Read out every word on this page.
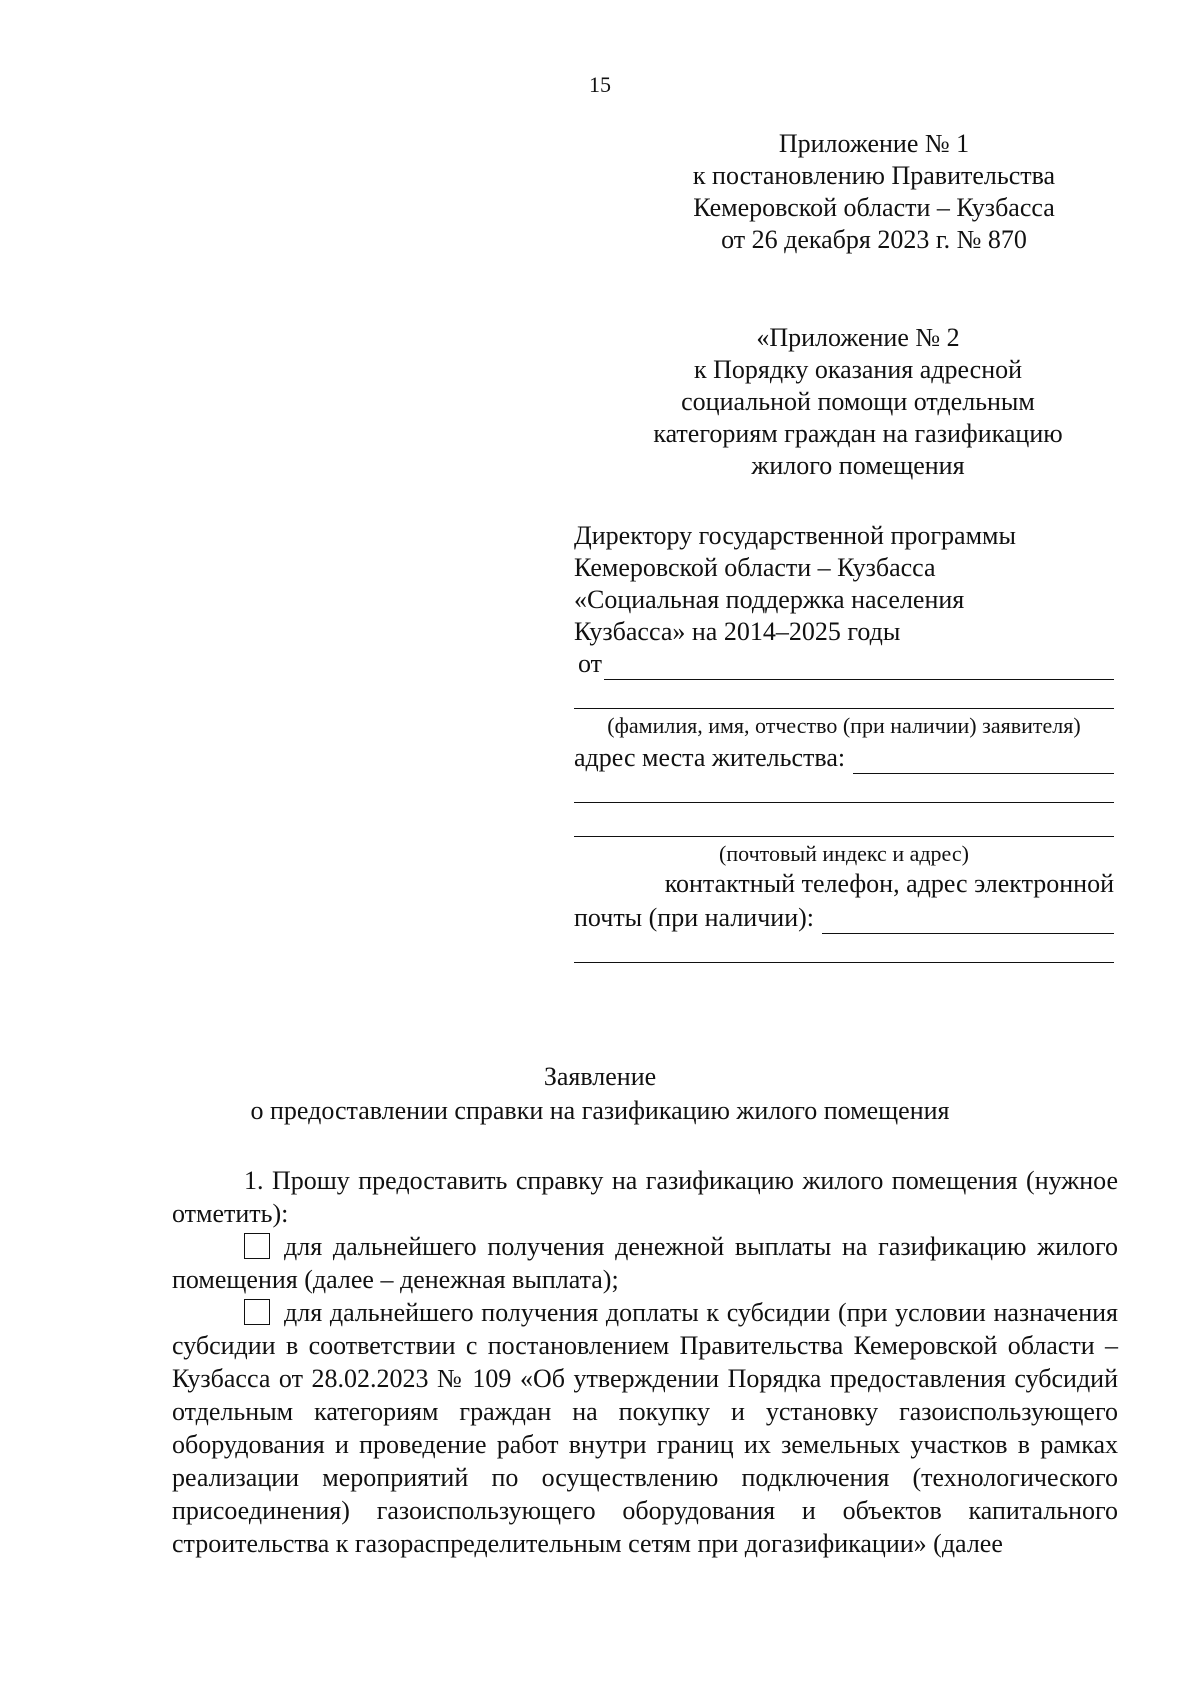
15
Приложение № 1
к постановлению Правительства
Кемеровской области – Кузбасса
от 26 декабря 2023 г. № 870
«Приложение № 2
к Порядку оказания адресной
социальной помощи отдельным
категориям граждан на газификацию
жилого помещения
Директору государственной программы
Кемеровской области – Кузбасса
«Социальная поддержка населения
Кузбасса» на 2014–2025 годы
от
(фамилия, имя, отчество (при наличии) заявителя)
адрес места жительства:
(почтовый индекс и адрес)
контактный телефон, адрес электронной
почты (при наличии):
Заявление
о предоставлении справки на газификацию жилого помещения

1. Прошу предоставить справку на газификацию жилого помещения (нужное отметить):

для дальнейшего получения денежной выплаты на газификацию жилого помещения (далее – денежная выплата);

для дальнейшего получения доплаты к субсидии (при условии назначения субсидии в соответствии с постановлением Правительства Кемеровской области – Кузбасса от 28.02.2023 № 109 «Об утверждении Порядка предоставления субсидий отдельным категориям граждан на покупку и установку газоиспользующего оборудования и проведение работ внутри границ их земельных участков в рамках реализации мероприятий по осуществлению подключения (технологического присоединения) газоиспользующего оборудования и объектов капитального строительства к газораспределительным сетям при догазификации» (далее
